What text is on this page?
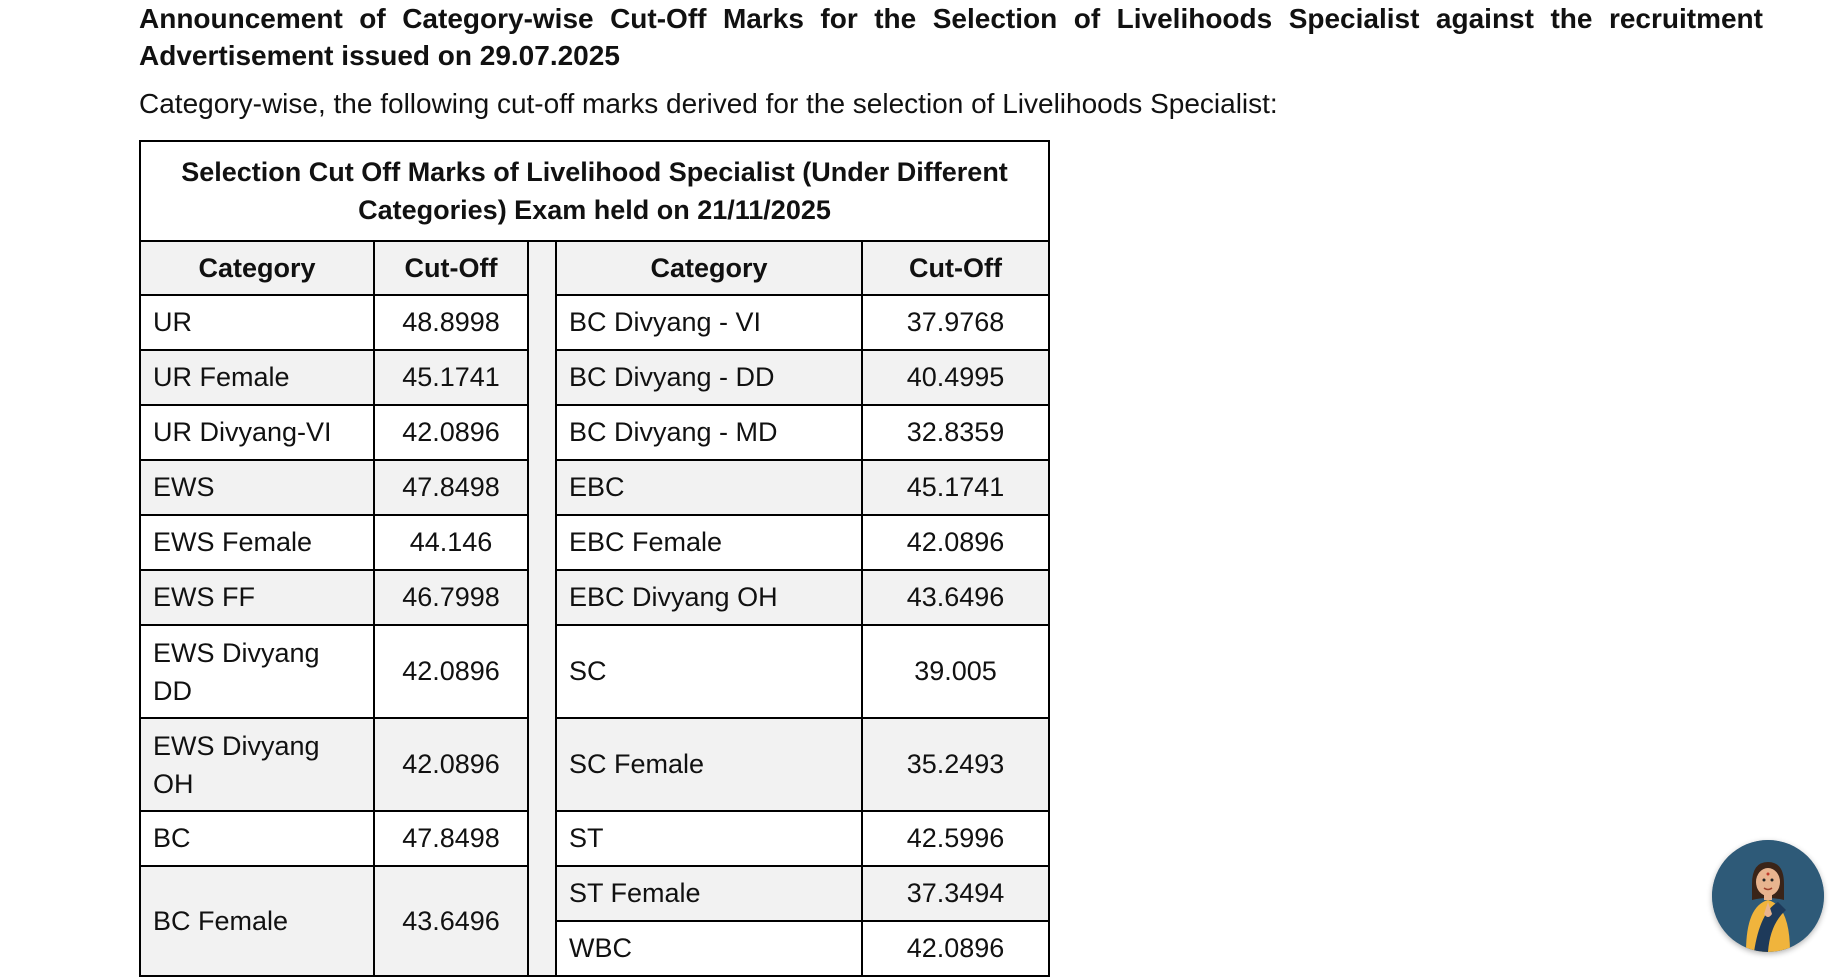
Announcement of Category-wise Cut-Off Marks for the Selection of Livelihoods Specialist against the recruitment Advertisement issued on 29.07.2025
Category-wise, the following cut-off marks derived for the selection of Livelihoods Specialist:
Selection Cut Off Marks of Livelihood Specialist (Under Different Categories) Exam held on 21/11/2025				
Category	Cut-Off		Category	Cut-Off
UR	48.8998		BC Divyang - VI	37.9768
UR Female	45.1741		BC Divyang - DD	40.4995
UR Divyang-VI	42.0896		BC Divyang - MD	32.8359
EWS	47.8498		EBC	45.1741
EWS Female	44.146		EBC Female	42.0896
EWS FF	46.7998		EBC Divyang OH	43.6496
EWS Divyang DD	42.0896		SC	39.005
EWS Divyang OH	42.0896		SC Female	35.2493
BC	47.8498		ST	42.5996
BC Female	43.6496		ST Female	37.3494
			WBC	42.0896
